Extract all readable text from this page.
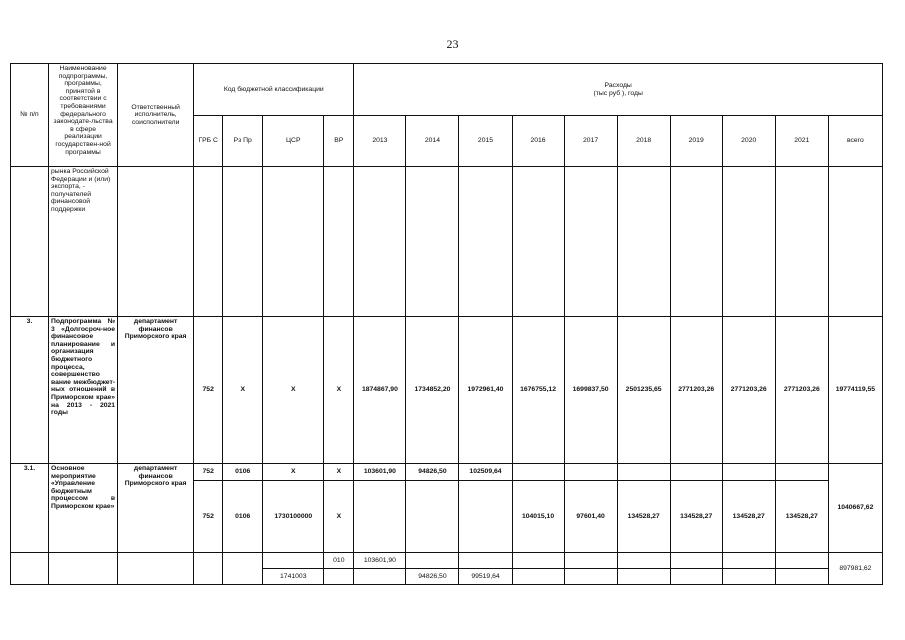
23
№ п/п	Наименование подпрограммы, программы, принятой в соответствии с требованиями федерального законодате-льства в сфере реализации государствен-ной программы	Ответственный исполнитель, соисполнители	Код бюджетной классификации				Расходы
(тыс руб ), годы									

			ГРБ С	Рз Пр	ЦСР	ВР	2013	2014	2015	2016	2017	2018	2019	2020	2021	всего
	рынка Российской Федерации и (или) экспорта, - получателей финансовой поддержки															
3.	Подпрограмма № 3 «Долгосроч-ное финансовое планирование и организация бюджетного процесса, совершенство вание межбюджет-ных отношений в Приморском крае» на 2013 - 2021 годы	департамент финансов Приморского края	752	X	X	X	1874867,90	1734852,20	1972961,40	1676755,12	1699837,50	2501235,65	2771203,26	2771203,26	2771203,26	19774119,55
3.1.	Основное мероприятие «Управление бюджетным процессом в Приморском крае»	департамент финансов Приморского края	752	0106	X	X	103601,90	94826,50	102509,64							1040667,62
			752	0106	1730100000	X				104015,10	97601,40	134528,27	134528,27	134528,27	134528,27	
						010	103601,90									897981,62
					1741003			94826,50	99519,64							
